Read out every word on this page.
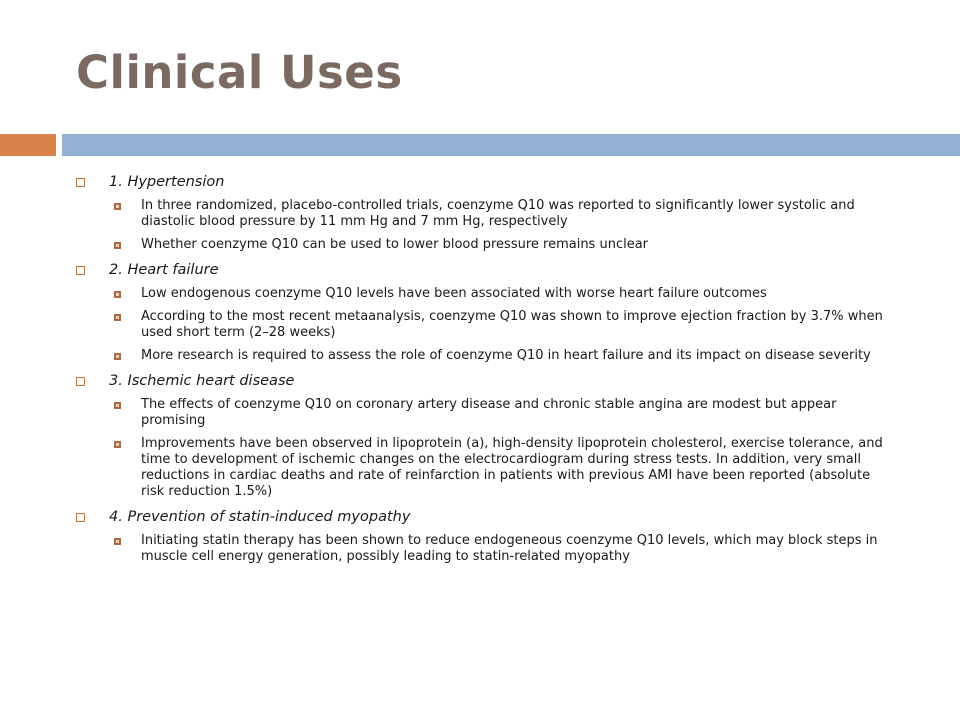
Clinical Uses
1. Hypertension
In three randomized, placebo-controlled trials, coenzyme Q10 was reported to significantly lower systolic and diastolic blood pressure by 11 mm Hg and 7 mm Hg, respectively
Whether coenzyme Q10 can be used to lower blood pressure remains unclear
2. Heart failure
Low endogenous coenzyme Q10 levels have been associated with worse heart failure outcomes
According to the most recent metaanalysis, coenzyme Q10 was shown to improve ejection fraction by 3.7% when used short term (2–28 weeks)
More research is required to assess the role of coenzyme Q10 in heart failure and its impact on disease severity
3. Ischemic heart disease
The effects of coenzyme Q10 on coronary artery disease and chronic stable angina are modest but appear promising
Improvements have been observed in lipoprotein (a), high-density lipoprotein cholesterol, exercise tolerance, and time to development of ischemic changes on the electrocardiogram during stress tests. In addition, very small reductions in cardiac deaths and rate of reinfarction in patients with previous AMI have been reported (absolute risk reduction 1.5%)
4. Prevention of statin-induced myopathy
Initiating statin therapy has been shown to reduce endogeneous coenzyme Q10 levels, which may block steps in muscle cell energy generation, possibly leading to statin-related myopathy
